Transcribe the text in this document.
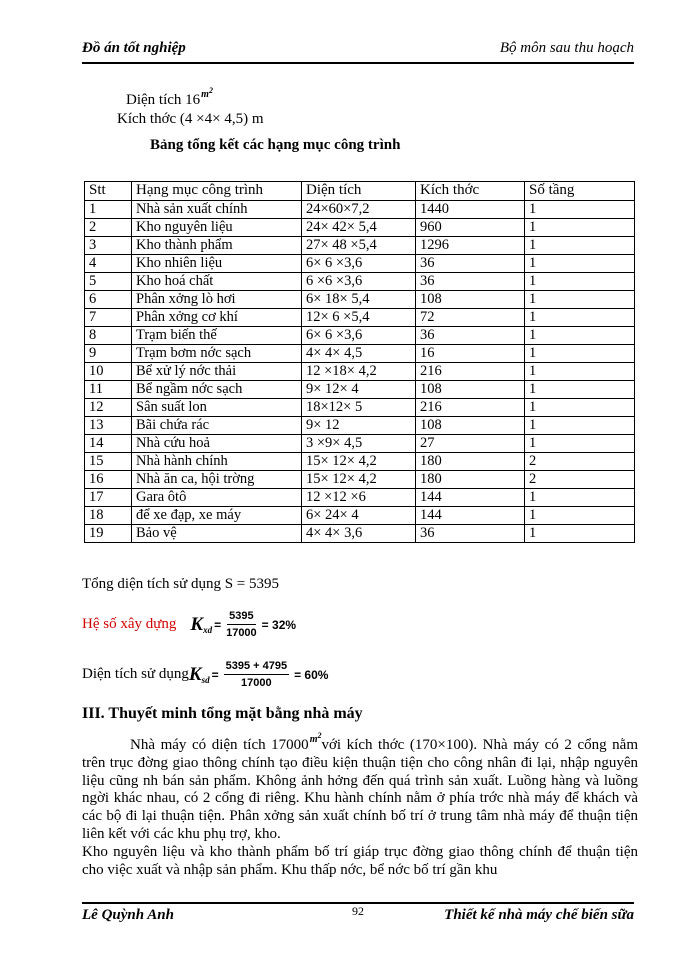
Đồ án tốt nghiệp	Bộ môn sau thu hoạch
Diện tích $16^{m^2}$
Kích thớc (4 ×4× 4,5) m
Bảng tổng kết các hạng mục công trình
Stt	Hạng mục công trình	Diện tích	Kích thớc	Số tầng
1	Nhà sản xuất chính	24×60×7,2	1440	1
2	Kho nguyên liệu	24× 42× 5,4	960	1
3	Kho thành phẩm	27× 48 ×5,4	1296	1
4	Kho nhiên liệu	6× 6 ×3,6	36	1
5	Kho hoá chất	6 ×6 ×3,6	36	1
6	Phân xởng lò hơi	6× 18× 5,4	108	1
7	Phân xởng cơ khí	12× 6 ×5,4	72	1
8	Trạm biến thế	6× 6 ×3,6	36	1
9	Trạm bơm nớc sạch	4× 4× 4,5	16	1
10	Bể xử lý nớc thải	12 ×18× 4,2	216	1
11	Bể ngầm nớc sạch	9× 12× 4	108	1
12	Sân suất lon	18×12× 5	216	1
13	Bãi chứa rác	9× 12	108	1
14	Nhà cứu hoả	3 ×9× 4,5	27	1
15	Nhà hành chính	15× 12× 4,2	180	2
16	Nhà ăn ca, hội trờng	15× 12× 4,2	180	2
17	Gara ôtô	12 ×12 ×6	144	1
18	để xe đạp, xe máy	6× 24× 4	144	1
19	Bảo vệ	4× 4× 3,6	36	1
Tổng diện tích sử dụng S = 5395
Hệ số xây dựng $K_{xd} = \frac{5395}{17000} = 32\%$
Diện tích sử dụng $K_{sd} = \frac{5395 + 4795}{17000} = 60\%$
III. Thuyết minh tổng mặt bằng nhà máy

Nhà máy có diện tích $17000^{m^2}với$ kích thớc (170×100). Nhà máy có 2 cổng nằm trên trục đờng giao thông chính tạo điều kiện thuận tiện cho công nhân đi lại, nhập nguyên liệu cũng nh bán sản phẩm. Không ảnh hởng đến quá trình sản xuất. Luồng hàng và luồng ngời khác nhau, có 2 cổng đi riêng. Khu hành chính nằm ở phía trớc nhà máy để khách và các bộ đi lại thuận tiện. Phân xởng sản xuất chính bố trí ở trung tâm nhà máy để thuận tiện liên kết với các khu phụ trợ, kho.

Kho nguyên liệu và kho thành phẩm bố trí giáp trục đờng giao thông chính để thuận tiện cho việc xuất và nhập sản phẩm. Khu thấp nớc, bể nớc bố trí gần khu

Lê Quỳnh Anh	92	Thiết kế nhà máy chế biến sữa
